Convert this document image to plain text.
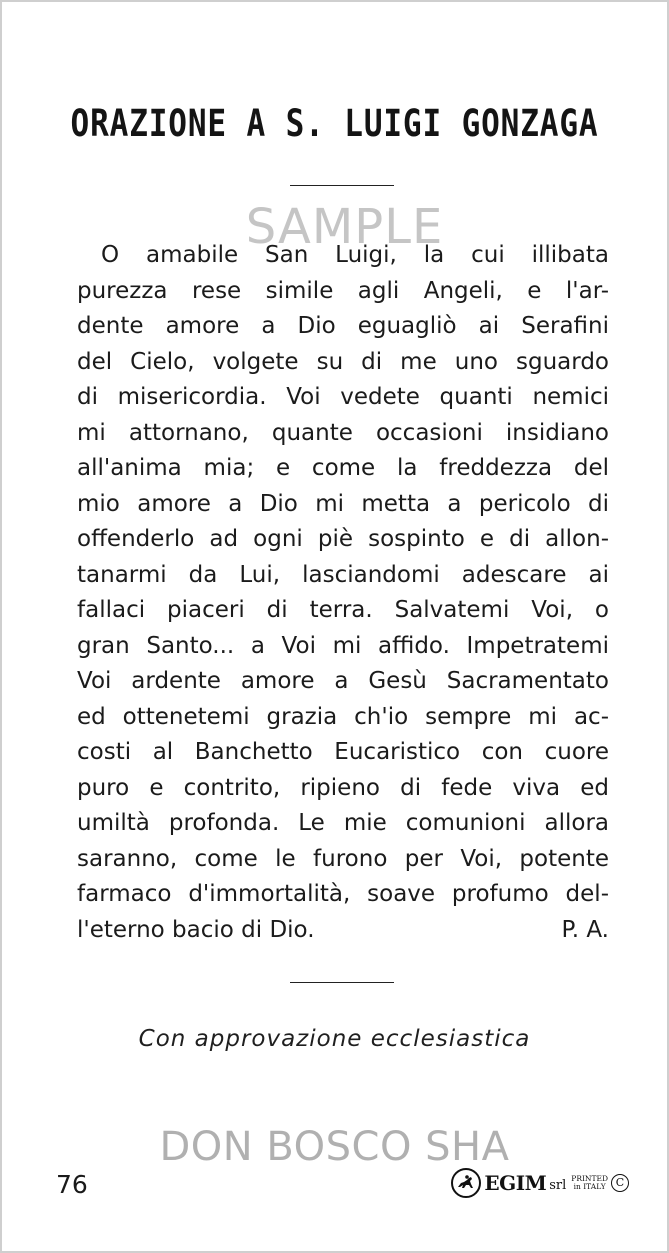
ORAZIONE A S. LUIGI GONZAGA
O amabile San Luigi, la cui illibata
purezza rese simile agli Angeli, e l'ar-
dente amore a Dio eguagliò ai Serafini
del Cielo, volgete su di me uno sguardo
di misericordia. Voi vedete quanti nemici
mi attornano, quante occasioni insidiano
all'anima mia; e come la freddezza del
mio amore a Dio mi metta a pericolo di
offenderlo ad ogni piè sospinto e di allon-
tanarmi da Lui, lasciandomi adescare ai
fallaci piaceri di terra. Salvatemi Voi, o
gran Santo... a Voi mi affido. Impetratemi
Voi ardente amore a Gesù Sacramentato
ed ottenetemi grazia ch'io sempre mi ac-
costi al Banchetto Eucaristico con cuore
puro e contrito, ripieno di fede viva ed
umiltà profonda. Le mie comunioni allora
saranno, come le furono per Voi, potente
farmaco d'immortalità, soave profumo del-
l'eterno bacio di Dio.	P. A.
SAMPLE
Con approvazione ecclesiastica
DON BOSCO SHA
76	EGIM srl PRINTED
in ITALY C
